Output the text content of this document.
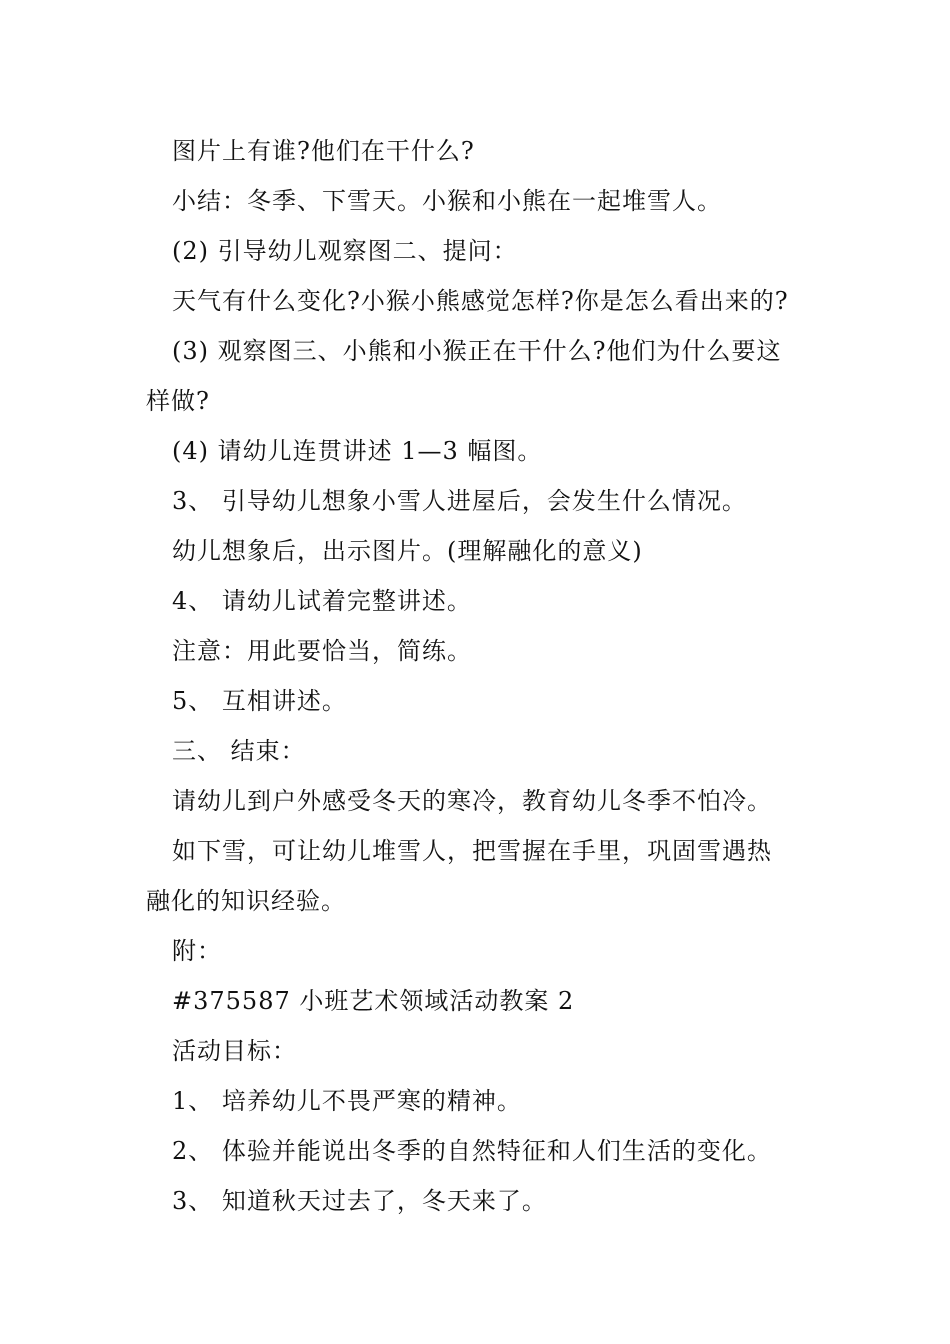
图片上有谁?他们在干什么?
小结：冬季、下雪天。小猴和小熊在一起堆雪人。
(2) 引导幼儿观察图二、提问：
天气有什么变化?小猴小熊感觉怎样?你是怎么看出来的?
(3) 观察图三、小熊和小猴正在干什么?他们为什么要这
样做?
(4) 请幼儿连贯讲述 1—3 幅图。
3、 引导幼儿想象小雪人进屋后，会发生什么情况。
幼儿想象后，出示图片。(理解融化的意义)
4、 请幼儿试着完整讲述。
注意：用此要恰当，简练。
5、 互相讲述。
三、 结束：
请幼儿到户外感受冬天的寒冷，教育幼儿冬季不怕冷。
如下雪，可让幼儿堆雪人，把雪握在手里，巩固雪遇热
融化的知识经验。
附：
#375587 小班艺术领域活动教案 2
活动目标：
1、 培养幼儿不畏严寒的精神。
2、 体验并能说出冬季的自然特征和人们生活的变化。
3、 知道秋天过去了，冬天来了。
